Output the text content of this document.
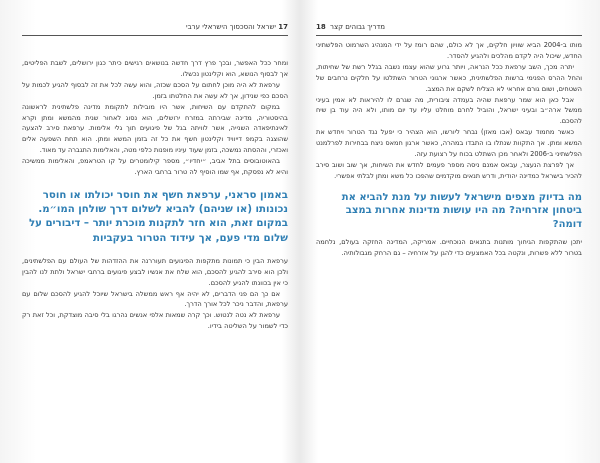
17
ישראל והסכסוך הישראלי ערבי

ומחר ככל האפשר, ובכך פרץ דרך חדשה בנושאים רגישים כיתר כגון ירושלים, לשבת הפליטים, אך לבסוף הנושא, הוא וקלינטון נכשלו.

ערפאת לא היה מוכן לחתום על הסכם שכזה, והוא עשה לכל את זה לבסוף להגיע לכמות על הסכם כפי שנידון, אך לא עשה את החלטתו בזמן.

במקום להתקדם עם השיחות, אשר היו מובילות לתקומת מדינה פלשתינית לראשונה בהיסטוריה, מדינה שבירתה במזרח ירושלים, הוא נסוג לאחור שנית מהמשא ומתן וקרא לאינתיפאדה השנייה, אשר לוויתה בגל של פיגועים תוך גלי אלימות. ערפאת סירב להצעה שהוצגה בקמפ דייוויד וקלינטון חשף את כל זה בזמן המשא ומתן. הוא תחת השפעה אלים ואכזרי, וההסתה נמשכה, בזמן שעוד עיניו מופנות כלפי מטה, והאלימות התגברה עד מאוד.

בהאוטובוסים בתל אביב, ״יחדיו״, מספר קילומטרים על קו הטראמפ, והאלימות ממשיכה והיא לא נפסקת, אף שמו הוסיף לה טרור ברחבי הארץ.

באמון סראני, ערפאת חשף את חוסר יכולתו או חוסר נכונותו (או שניהם) להביא לשלום דרך שולחן המו״מ. במקום זאת, הוא חזר לתקנות מוכרת יותר – דיבורים על שלום מדי פעם, אך עידוד הטרור בעקביות

ערפאת הבין כי תמונות מתקפות הפיגועים תעוררנה את ההזדהות של העולם עם הפלשתינים, ולכן הוא סירב להגיע להסכם, הוא שלח את אנשיו לבצע פיגועים ברחבי ישראל ולתת לנו להבין כי אין בכוונתו להגיע להסכם.

אם כך הם פני הדברים, לא יהיה אף ראש ממשלה בישראל שיוכל להגיע להסכם שלום עם ערפאת, והדבר ניכר לכל אורך הדרך.

ערפאת לא נטה לנטוש. וכך קרה שמאות אלפי אנשים נהרגו בלי סיבה מוצדקת, וכל זאת רק כדי לשמור על השליטה בידיו.

18 מדריך גבוהים קצר

מותו ב-2004 הביא שוויון חלקים, אך לא כולם, שהם רומז על ידי המנהיג השרמוט הפלשתיני החדש, שיכול היה לקדם מהלכים ולהגיע להסדר.

יתרה מכך, השב ערפאת ככל הנראה, ויותר גרוע שהוא עצמו נשבה בגלל רשת של שחיתות, והחל ההרס הפנימי ברשות הפלשתינית, כאשר ארגוני הטרור השתלטו על חלקים נרחבים של השטחים, ושום גורם אחראי לא הצליח לשקם את המצב.

אבל כאן הוא שמר ערפאת שהיה בעמדה ציבורית, מה שגרם לו להיראות לא אמין בעיני ממשל ארה״ב ובעיני ישראל, והוביל לחרם מוחלט עליו עד יום מותו, ולא היה עוד בן שיח להסכם.

כאשר מחמוד עבאס (אבו מאזן) נבחר ליורשו, הוא הצהיר כי יפעל נגד הטרור ויחדש את המשא ומתן. אך התקוות שנתלו בו התבדו במהרה, כאשר ארגון חמאס ניצח בבחירות לפרלמנט הפלשתיני ב-2006 ולאחר מכן השתלט בכוח על רצועת עזה.

אך לפרצת הנעצר, עבאס אמנם ניסה מספר פעמים לחדש את השיחות, אך שוב ושוב סירב להכיר בישראל כמדינה יהודית, ודרש תנאים מוקדמים שהפכו כל משא ומתן לבלתי אפשרי.

מה בדיוק מצפים מישראל לעשות על מנת להביא את ביטחון אזרחיה? מה היו עושות מדינות אחרות במצב דומה?

יתכן שהתקפות הגיחוך מותנות בתנאים הנוכחיים. אמריקה, המדינה החזקה בעולם, נלחמה בטרור ללא פשרות, ונקטה בכל האמצעים כדי להגן על אזרחיה – גם הרחק מגבולותיה.
